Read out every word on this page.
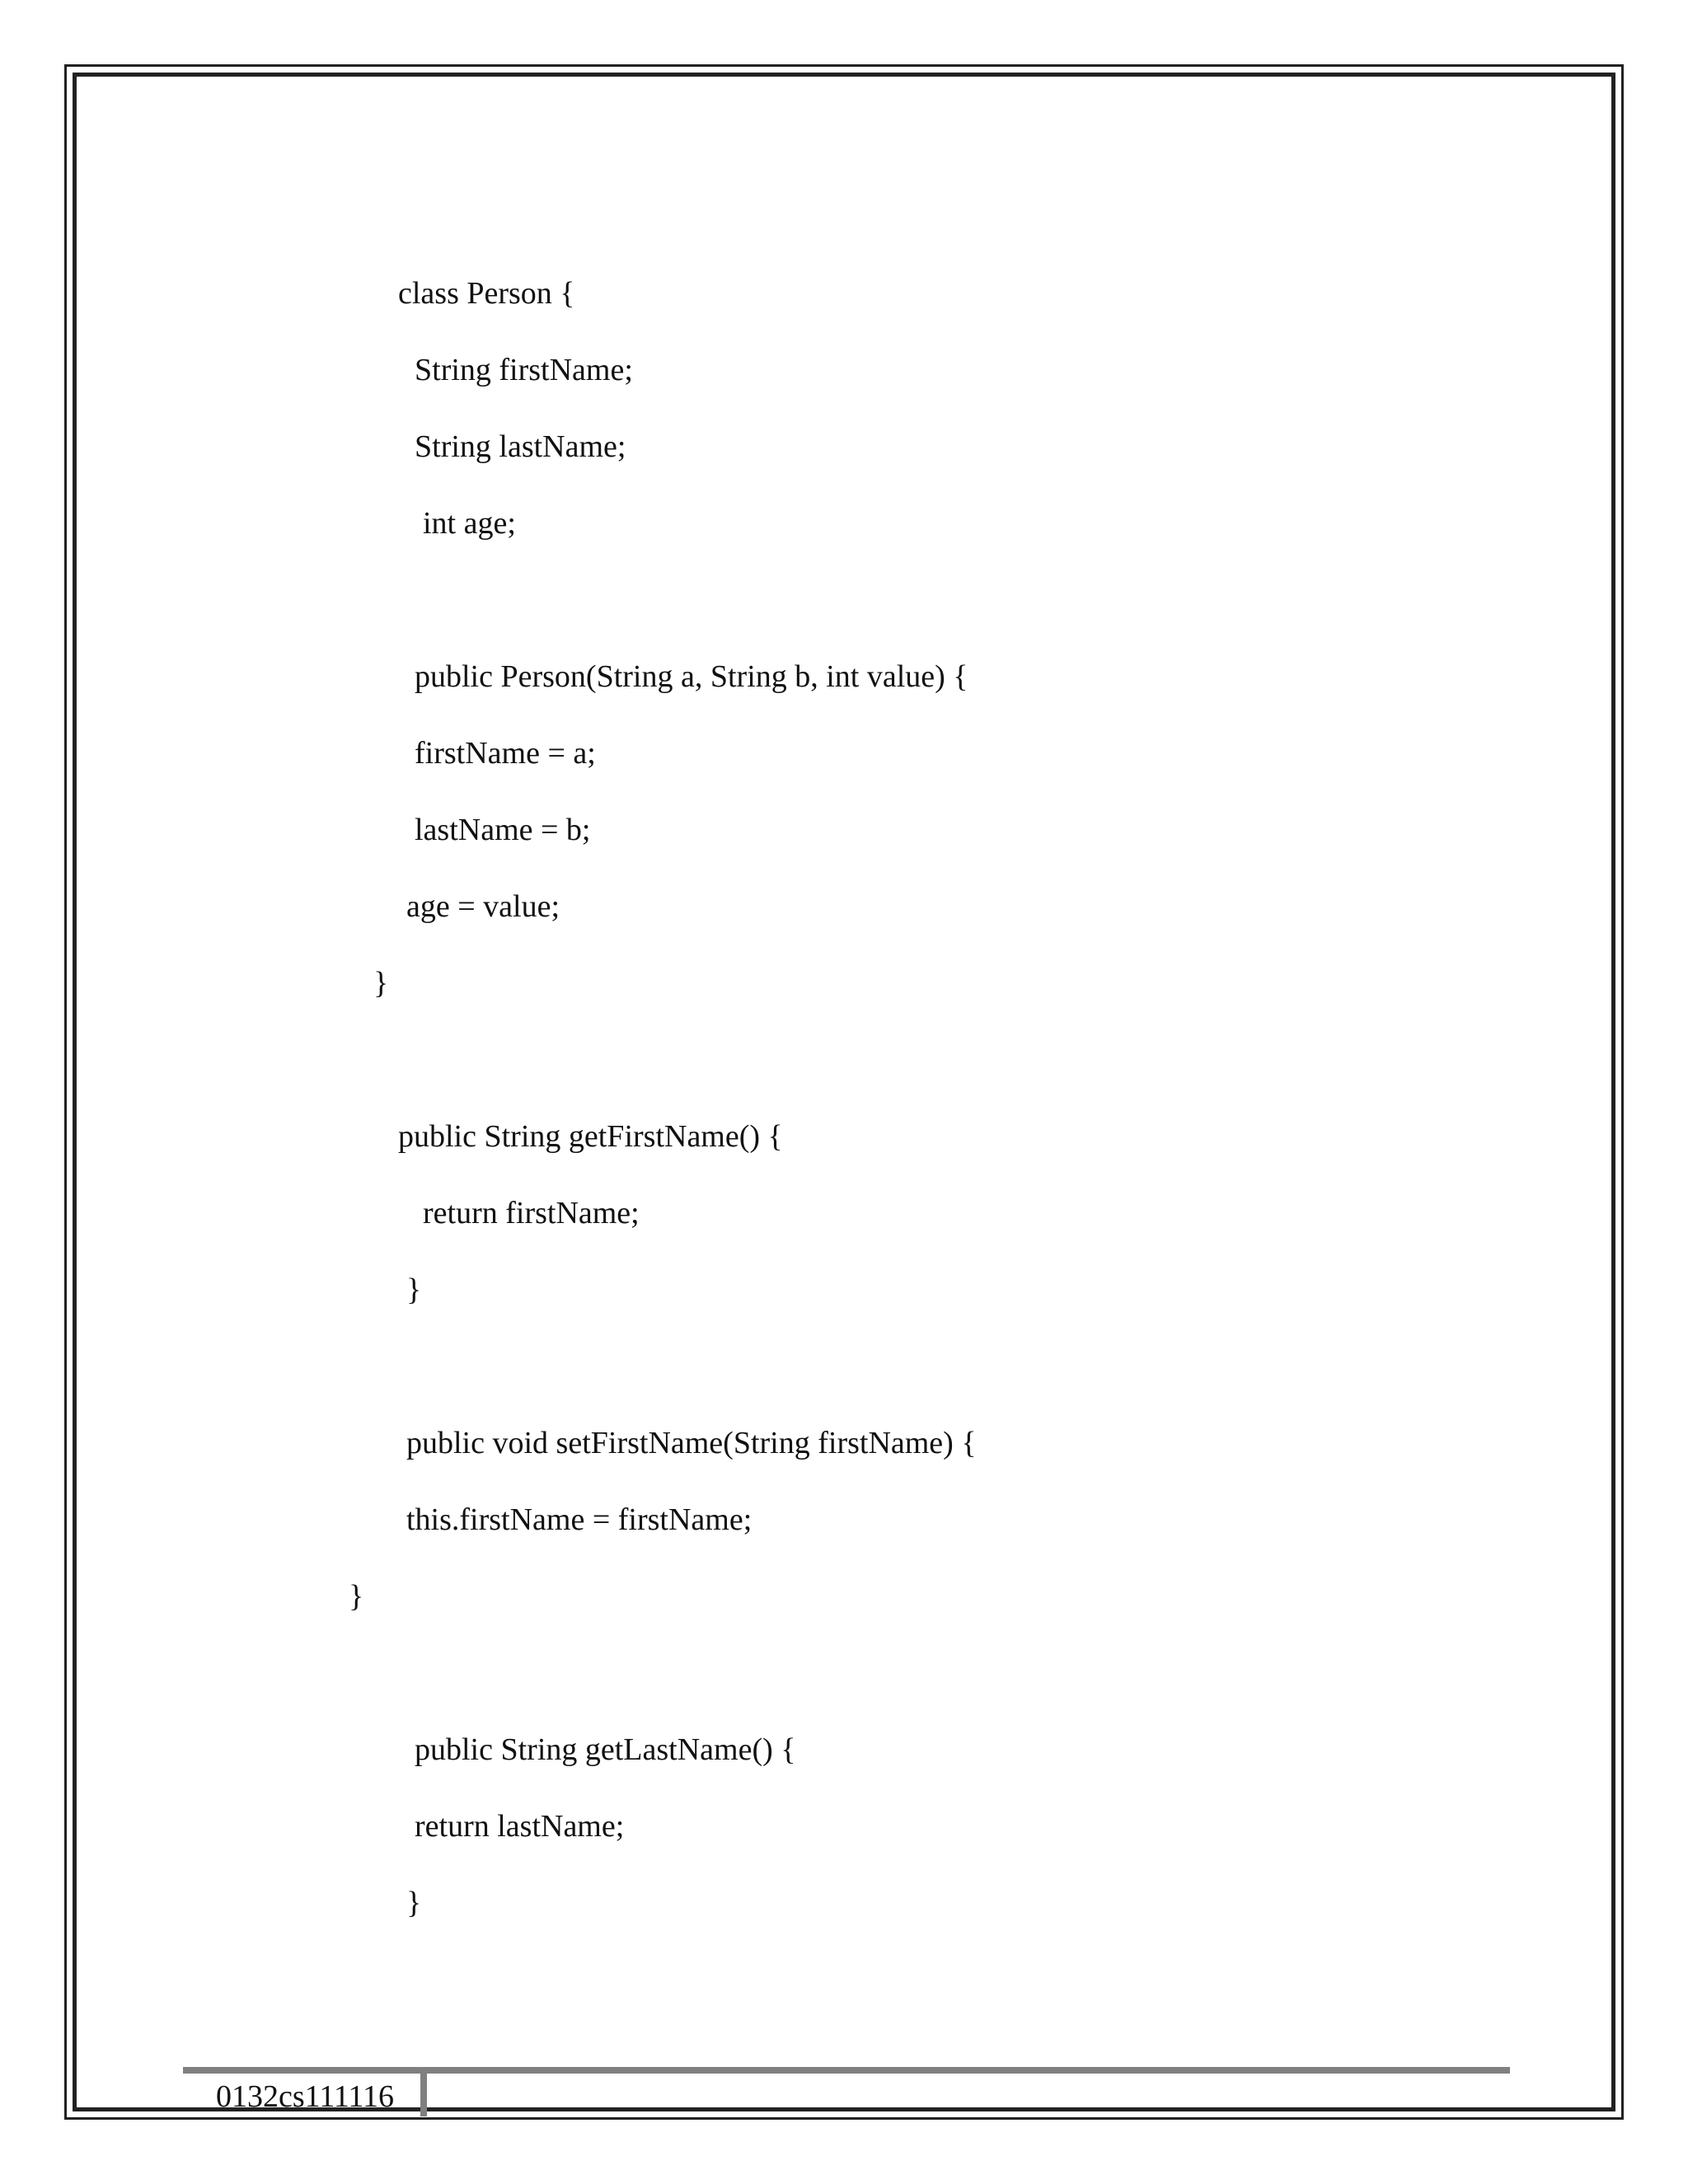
class Person {
String firstName;
String lastName;
int age;
public Person(String a, String b, int value) {
firstName = a;
lastName = b;
age = value;
}
public String getFirstName() {
return firstName;
}
public void setFirstName(String firstName) {
this.firstName = firstName;
}
public String getLastName() {
return lastName;
}
0132cs111116
